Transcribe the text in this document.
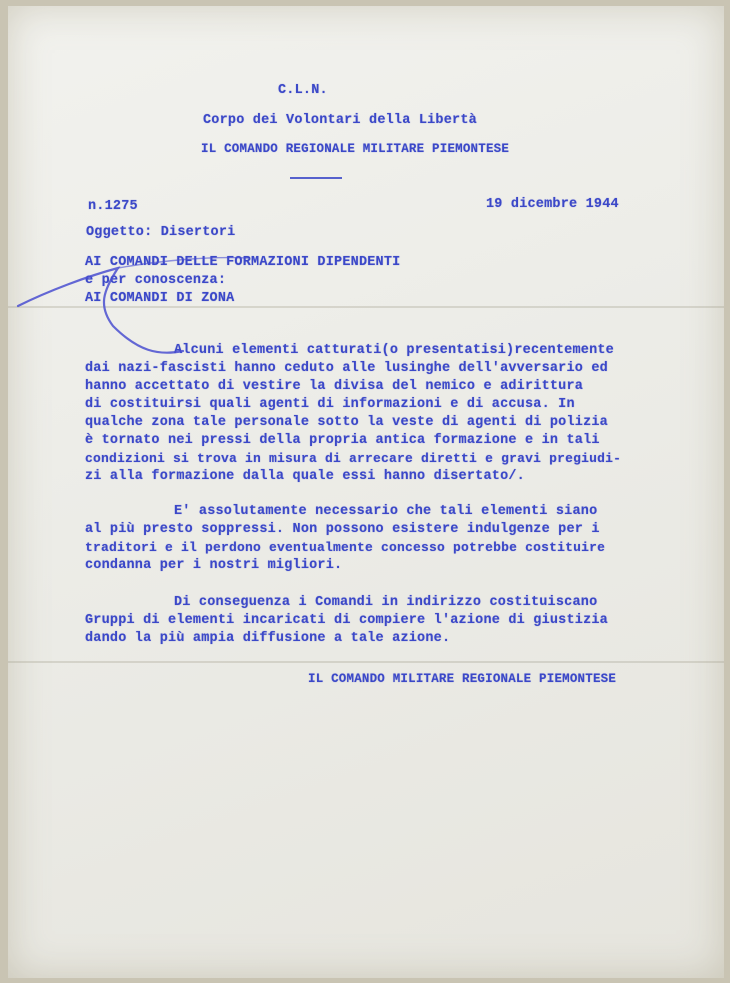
C.L.N.

Corpo dei Volontari della Libertà

IL COMANDO REGIONALE MILITARE PIEMONTESE

n.1275	19 dicembre 1944

Oggetto: Disertori

AI COMANDI DELLE FORMAZIONI DIPENDENTI

e per conoscenza:

AI COMANDI DI ZONA

Alcuni elementi catturati(o presentatisi)recentemente

dai nazi-fascisti hanno ceduto alle lusinghe dell'avversario ed

hanno accettato di vestire la divisa del nemico e adirittura

di costituirsi quali agenti di informazioni e di accusa. In

qualche zona tale personale sotto la veste di agenti di polizia

è tornato nei pressi della propria antica formazione e in tali

condizioni si trova in misura di arrecare diretti e gravi pregiudi-

zi alla formazione dalla quale essi hanno disertato/.

E' assolutamente necessario che tali elementi siano

al più presto soppressi. Non possono esistere indulgenze per i

traditori e il perdono eventualmente concesso potrebbe costituire

condanna per i nostri migliori.

Di conseguenza i Comandi in indirizzo costituiscano

Gruppi di elementi incaricati di compiere l'azione di giustizia

dando la più ampia diffusione a tale azione.

IL COMANDO MILITARE REGIONALE PIEMONTESE
